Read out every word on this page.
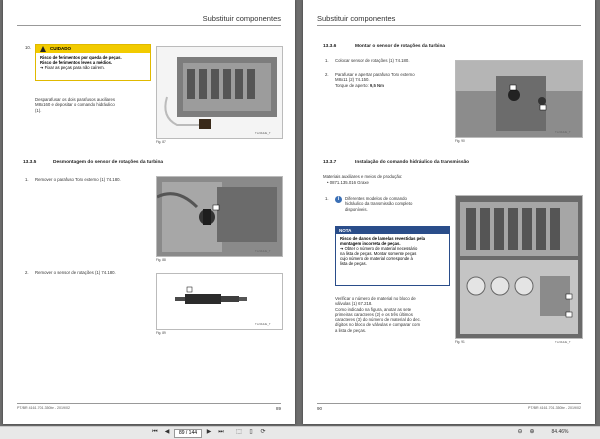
Substituir componentes
10.	CUIDADO
Risco de ferimentos por queda de peças.
Risco de ferimentos leves a médios.
➔ Fixar as peças para não caírem.
Desparafusar os dois parafusos auxiliares
M8x160 e depositar o comando hidráulico
(1).
Fig. 87
TL23HHE_T
13.3.5	Desmontagem do sensor de rotações da turbina
1. Remover o parafuso Torx externo (1) 74.180.
Fig. 88
TL23HHE_T
2. Remover o sensor de rotações (1) 74.180.
Fig. 89
TL23HHE_T
PT/BR 4161.701.350br - 2019/02	89
Substituir componentes
13.3.6	Montar o sensor de rotações da turbina
1. Colocar sensor de rotações (1) 74.180.
2. Parafusar e apertar parafuso Torx externo
M8x11 (2) 74.150.
Torque de aperto: 9,5 Nm
Fig. 90
TL23HHE_T
13.3.7	Instalação do comando hidráulico da transmissão
Materiais auxiliares e meios de produção:
• 0871.135.016 Graxe
1.	i	Diferentes modelos de comando
hidráulico da transmissão completo
disponíveis.
NOTA
Risco de danos de lamelas revestidas pela
montagem incorreta de peças.
➔ Obter o número de material necessário
na lista de peças. Montar somente peças
cujo número de material corresponde à
lista de peças.
Verificar o número de material no bloco de
válvulas (1) 67.218.
Como indicado na figura, anotar as sete
primeiras caracteres (2) e os três últimos
caracteres (3) do número de material do dec.
dígitos no bloco de válvulas e comparar com
a lista de peças.
Fig. 91	TL23HHE_T
90	PT/BR 4161.701.350br - 2019/02
⏮	◀
89 / 144	▶	⏭	⬚	▯	⟳	⊖	⊕	84.46%
